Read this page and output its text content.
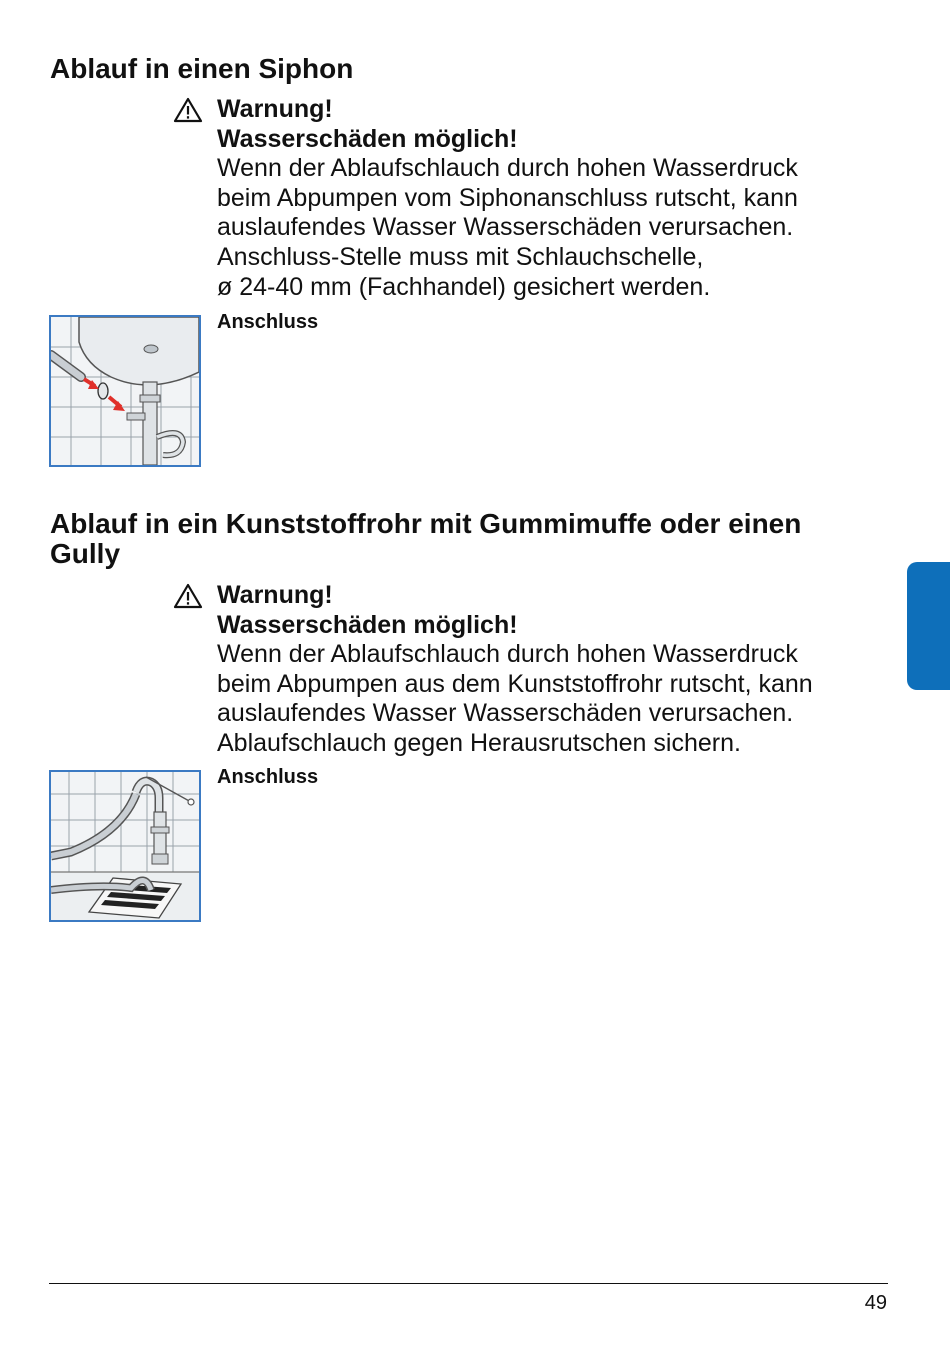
Ablauf in einen Siphon
Warnung!
Wasserschäden möglich!
Wenn der Ablaufschlauch durch hohen Wasserdruck
beim Abpumpen vom Siphonanschluss rutscht, kann
auslaufendes Wasser Wasserschäden verursachen.
Anschluss-Stelle muss mit Schlauchschelle,
ø 24-40 mm (Fachhandel) gesichert werden.
Anschluss
Ablauf in ein Kunststoffrohr mit Gummimuffe oder einen
Gully
Warnung!
Wasserschäden möglich!
Wenn der Ablaufschlauch durch hohen Wasserdruck
beim Abpumpen aus dem Kunststoffrohr rutscht, kann
auslaufendes Wasser Wasserschäden verursachen.
Ablaufschlauch gegen Herausrutschen sichern.
Anschluss
49
